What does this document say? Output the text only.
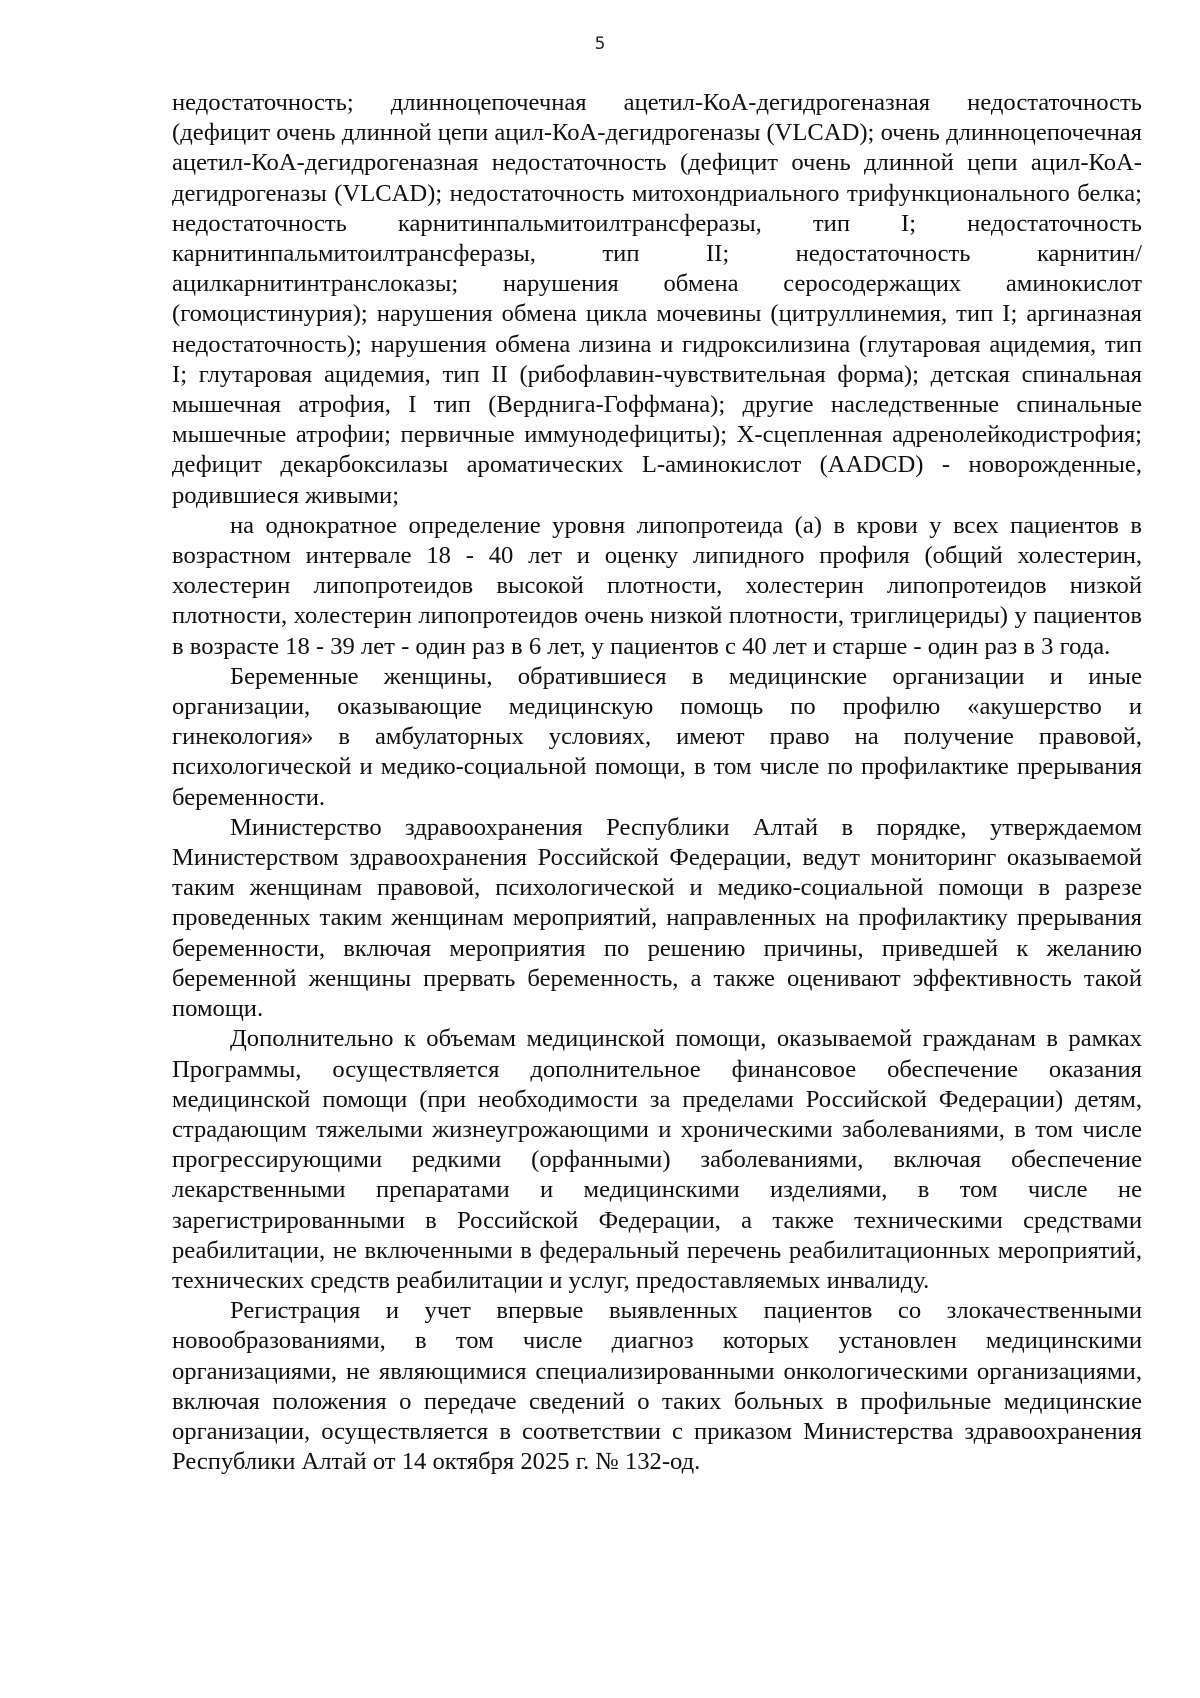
5

недостаточность; длинноцепочечная ацетил-КоА-дегидрогеназная недостаточность (дефицит очень длинной цепи ацил-КоА-дегидрогеназы (VLCAD); очень длинноцепочечная ацетил-КоА-дегидрогеназная недостаточность (дефицит очень длинной цепи ацил-КоА-дегидрогеназы (VLCAD); недостаточность митохондриального трифункционального белка; недостаточность карнитинпальмитоилтрансферазы, тип I; недостаточность карнитинпальмитоилтрансферазы, тип II; недостаточность карнитин/ацилкарнитинтранслоказы; нарушения обмена серосодержащих аминокислот (гомоцистинурия); нарушения обмена цикла мочевины (цитруллинемия, тип I; аргиназная недостаточность); нарушения обмена лизина и гидроксилизина (глутаровая ацидемия, тип I; глутаровая ацидемия, тип II (рибофлавин-чувствительная форма); детская спинальная мышечная атрофия, I тип (Верднига-Гоффмана); другие наследственные спинальные мышечные атрофии; первичные иммунодефициты); X-сцепленная адренолейкодистрофия; дефицит декарбоксилазы ароматических L-аминокислот (AADCD) - новорожденные, родившиеся живыми;

на однократное определение уровня липопротеида (а) в крови у всех пациентов в возрастном интервале 18 - 40 лет и оценку липидного профиля (общий холестерин, холестерин липопротеидов высокой плотности, холестерин липопротеидов низкой плотности, холестерин липопротеидов очень низкой плотности, триглицериды) у пациентов в возрасте 18 - 39 лет - один раз в 6 лет, у пациентов с 40 лет и старше - один раз в 3 года.

Беременные женщины, обратившиеся в медицинские организации и иные организации, оказывающие медицинскую помощь по профилю «акушерство и гинекология» в амбулаторных условиях, имеют право на получение правовой, психологической и медико-социальной помощи, в том числе по профилактике прерывания беременности.

Министерство здравоохранения Республики Алтай в порядке, утверждаемом Министерством здравоохранения Российской Федерации, ведут мониторинг оказываемой таким женщинам правовой, психологической и медико-социальной помощи в разрезе проведенных таким женщинам мероприятий, направленных на профилактику прерывания беременности, включая мероприятия по решению причины, приведшей к желанию беременной женщины прервать беременность, а также оценивают эффективность такой помощи.

Дополнительно к объемам медицинской помощи, оказываемой гражданам в рамках Программы, осуществляется дополнительное финансовое обеспечение оказания медицинской помощи (при необходимости за пределами Российской Федерации) детям, страдающим тяжелыми жизнеугрожающими и хроническими заболеваниями, в том числе прогрессирующими редкими (орфанными) заболеваниями, включая обеспечение лекарственными препаратами и медицинскими изделиями, в том числе не зарегистрированными в Российской Федерации, а также техническими средствами реабилитации, не включенными в федеральный перечень реабилитационных мероприятий, технических средств реабилитации и услуг, предоставляемых инвалиду.

Регистрация и учет впервые выявленных пациентов со злокачественными новообразованиями, в том числе диагноз которых установлен медицинскими организациями, не являющимися специализированными онкологическими организациями, включая положения о передаче сведений о таких больных в профильные медицинские организации, осуществляется в соответствии с приказом Министерства здравоохранения Республики Алтай от 14 октября 2025 г. № 132-од.
